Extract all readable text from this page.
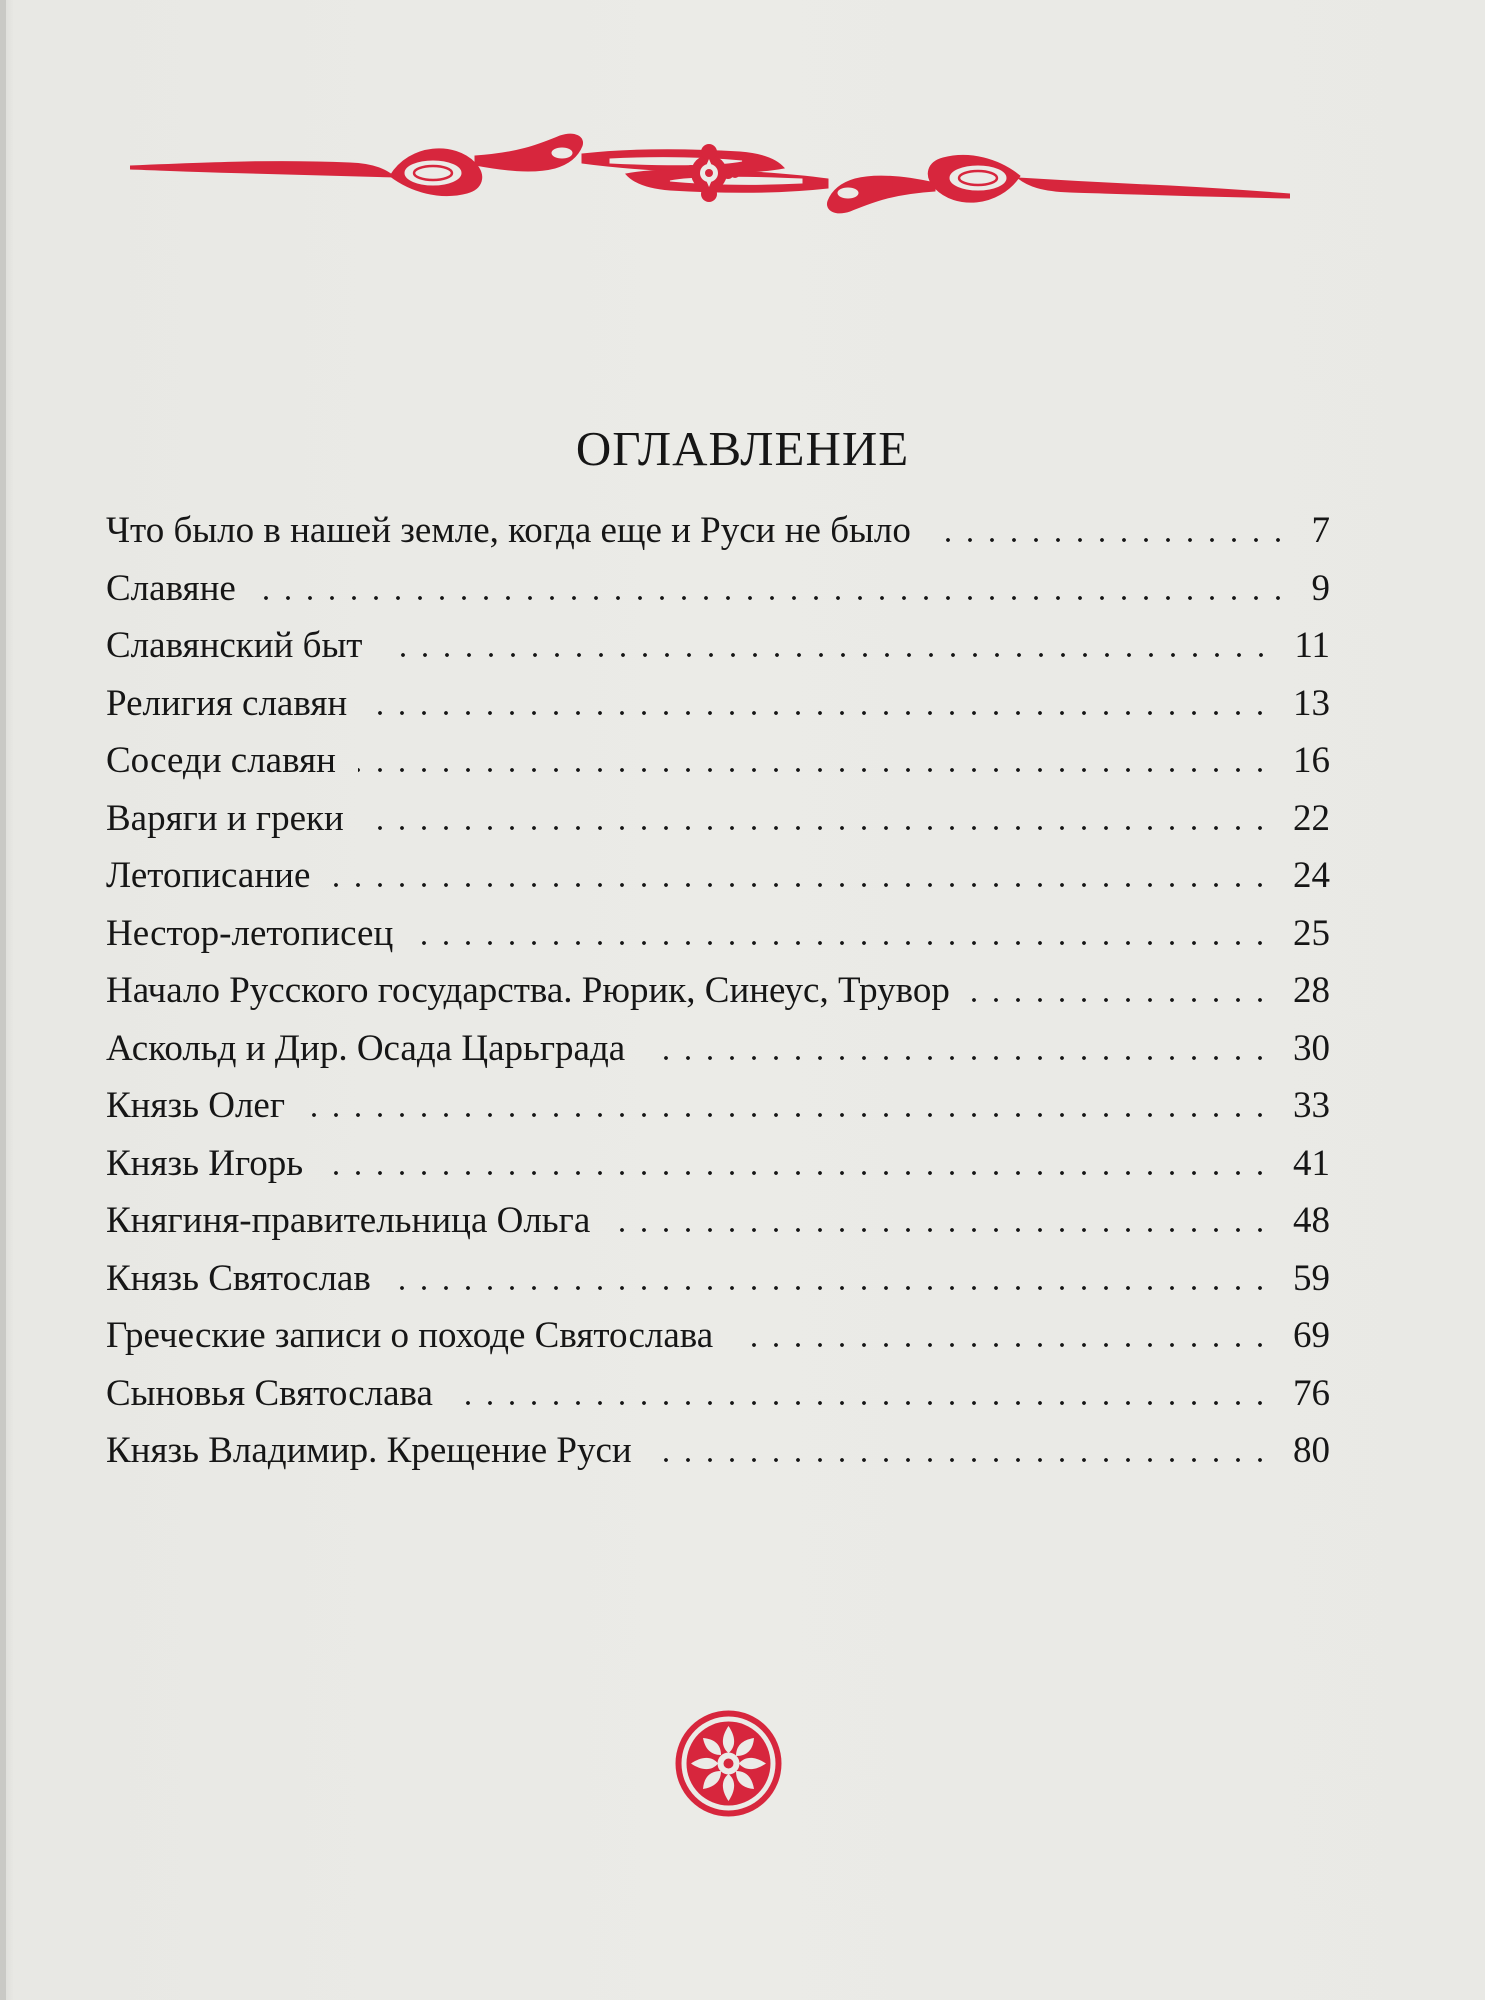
ОГЛАВЛЕНИЕ
Что было в нашей земле, когда еще и Руси не было	7
Славяне	9
Славянский быт	11
Религия славян	13
Соседи славян	16
Варяги и греки	22
Летописание	24
Нестор-летописец	25
Начало Русского государства. Рюрик, Синеус, Трувор	28
Аскольд и Дир. Осада Царьграда	30
Князь Олег	33
Князь Игорь	41
Княгиня-правительница Ольга	48
Князь Святослав	59
Греческие записи о походе Святослава	69
Сыновья Святослава	76
Князь Владимир. Крещение Руси	80
